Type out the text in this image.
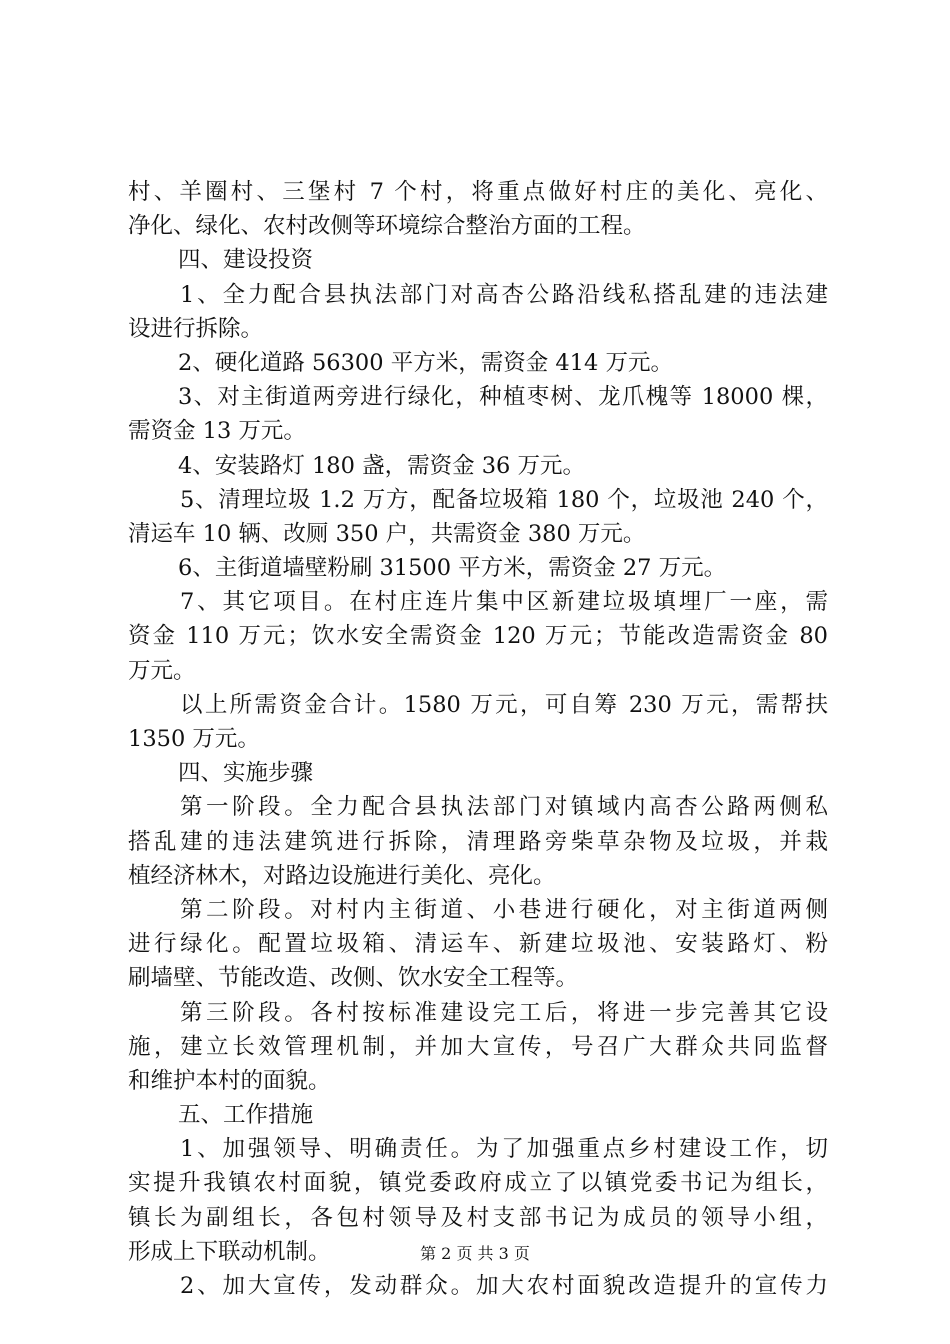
村、羊圈村、三堡村 7 个村，将重点做好村庄的美化、亮化、
净化、绿化、农村改侧等环境综合整治方面的工程。
四、建设投资
1、全力配合县执法部门对高杏公路沿线私搭乱建的违法建
设进行拆除。
2、硬化道路 56300 平方米，需资金 414 万元。
3、对主街道两旁进行绿化，种植枣树、龙爪槐等 18000 棵，
需资金 13 万元。
4、安装路灯 180 盏，需资金 36 万元。
5、清理垃圾 1.2 万方，配备垃圾箱 180 个，垃圾池 240 个，
清运车 10 辆、改厕 350 户，共需资金 380 万元。
6、主街道墙壁粉刷 31500 平方米，需资金 27 万元。
7、其它项目。在村庄连片集中区新建垃圾填埋厂一座，需
资金 110 万元；饮水安全需资金 120 万元；节能改造需资金 80
万元。
以上所需资金合计。1580 万元，可自筹 230 万元，需帮扶
1350 万元。
四、实施步骤
第一阶段。全力配合县执法部门对镇域内高杏公路两侧私
搭乱建的违法建筑进行拆除，清理路旁柴草杂物及垃圾，并栽
植经济林木，对路边设施进行美化、亮化。
第二阶段。对村内主街道、小巷进行硬化，对主街道两侧
进行绿化。配置垃圾箱、清运车、新建垃圾池、安装路灯、粉
刷墙壁、节能改造、改侧、饮水安全工程等。
第三阶段。各村按标准建设完工后，将进一步完善其它设
施，建立长效管理机制，并加大宣传，号召广大群众共同监督
和维护本村的面貌。
五、工作措施
1、加强领导、明确责任。为了加强重点乡村建设工作，切
实提升我镇农村面貌，镇党委政府成立了以镇党委书记为组长，
镇长为副组长，各包村领导及村支部书记为成员的领导小组，
形成上下联动机制。
2、加大宣传，发动群众。加大农村面貌改造提升的宣传力
第 2 页 共 3 页
